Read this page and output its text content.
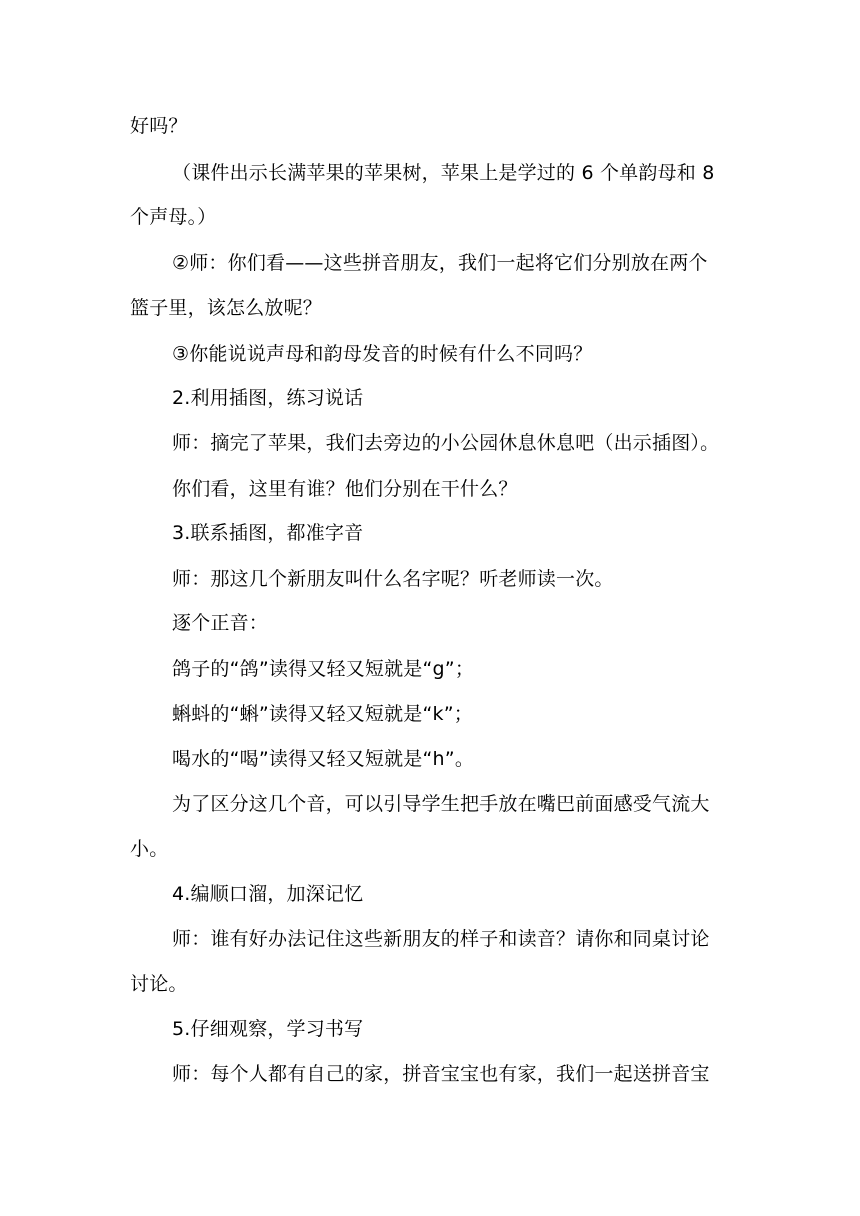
好吗？
（课件出示长满苹果的苹果树，苹果上是学过的 6 个单韵母和 8
个声母。）
②师：你们看——这些拼音朋友，我们一起将它们分别放在两个
篮子里，该怎么放呢？
③你能说说声母和韵母发音的时候有什么不同吗？
2.利用插图，练习说话
师：摘完了苹果，我们去旁边的小公园休息休息吧（出示插图）。
你们看，这里有谁？他们分别在干什么？
3.联系插图，都准字音
师：那这几个新朋友叫什么名字呢？听老师读一次。
逐个正音：
鸽子的“鸽”读得又轻又短就是“g”；
蝌蚪的“蝌”读得又轻又短就是“k”；
喝水的“喝”读得又轻又短就是“h”。
为了区分这几个音，可以引导学生把手放在嘴巴前面感受气流大
小。
4.编顺口溜，加深记忆
师：谁有好办法记住这些新朋友的样子和读音？请你和同桌讨论
讨论。
5.仔细观察，学习书写
师：每个人都有自己的家，拼音宝宝也有家，我们一起送拼音宝
